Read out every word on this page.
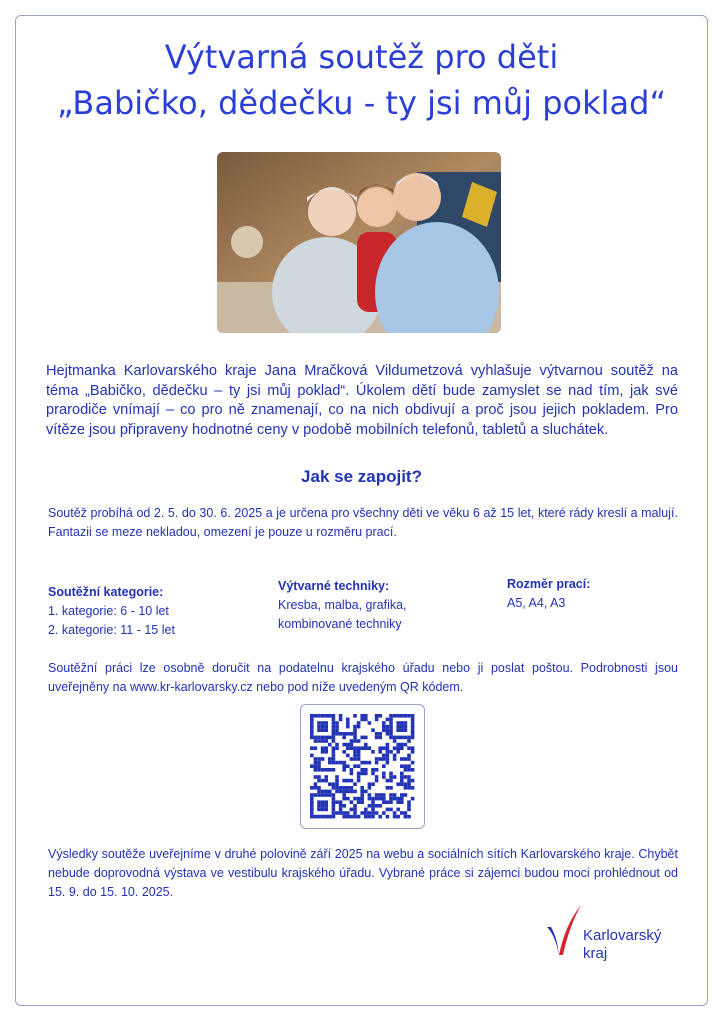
Výtvarná soutěž pro děti
„Babičko, dědečku - ty jsi můj poklad“
Hejtmanka Karlovarského kraje Jana Mračková Vildumetzová vyhlašuje výtvarnou soutěž na téma „Babičko, dědečku – ty jsi můj poklad“. Úkolem dětí bude zamyslet se nad tím, jak své prarodiče vnímají – co pro ně znamenají, co na nich obdivují a proč jsou jejich pokladem. Pro vítěze jsou připraveny hodnotné ceny v podobě mobilních telefonů, tabletů a sluchátek.
Jak se zapojit?
Soutěž probíhá od 2. 5. do 30. 6. 2025 a je určena pro všechny děti ve věku 6 až 15 let, které rády kreslí a malují. Fantazii se meze nekladou, omezení je pouze u rozměru prací.
Soutěžní kategorie:
1. kategorie: 6 - 10 let
2. kategorie: 11 - 15 let
Výtvarné techniky:
Kresba, malba, grafika,
kombinované techniky
Rozměr prací:
A5, A4, A3
Soutěžní práci lze osobně doručit na podatelnu krajského úřadu nebo ji poslat poštou. Podrobnosti jsou uveřejněny na www.kr-karlovarsky.cz nebo pod níže uvedeným QR kódem.
Výsledky soutěže uveřejníme v druhé polovině září 2025 na webu a sociálních sítích Karlovarského kraje. Chybět nebude doprovodná výstava ve vestibulu krajského úřadu. Vybrané práce si zájemci budou moci prohlédnout od 15. 9. do 15. 10. 2025.
Karlovarský
kraj
